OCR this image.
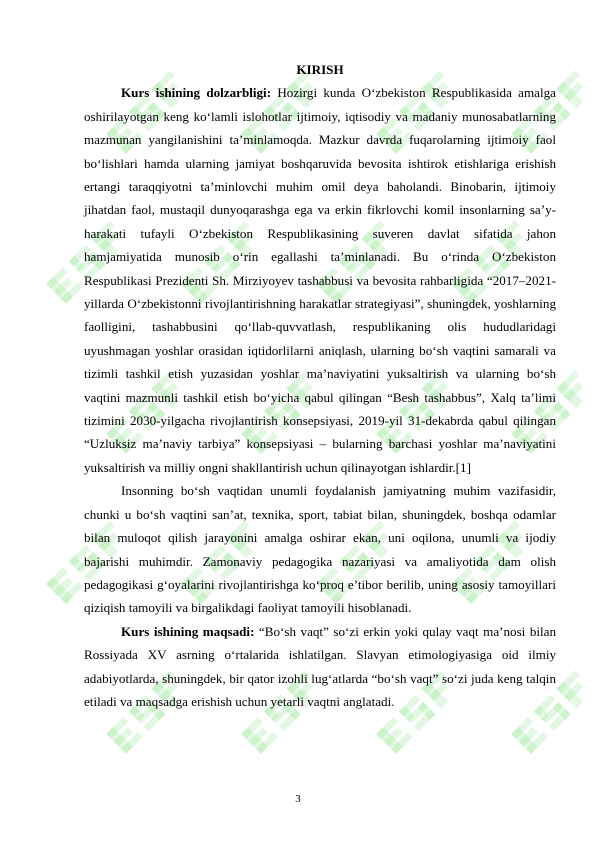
KIRISH

Kurs ishining dolzarbligi: Hozirgi kunda O‘zbekiston Respublikasida amalga oshirilayotgan keng ko‘lamli islohotlar ijtimoiy, iqtisodiy va madaniy munosabatlarning mazmunan yangilanishini ta’minlamoqda. Mazkur davrda fuqarolarning ijtimoiy faol bo‘lishlari hamda ularning jamiyat boshqaruvida bevosita ishtirok etishlariga erishish ertangi taraqqiyotni ta’minlovchi muhim omil deya baholandi. Binobarin, ijtimoiy jihatdan faol, mustaqil dunyoqarashga ega va erkin fikrlovchi komil insonlarning sa’y-harakati tufayli O‘zbekiston Respublikasining suveren davlat sifatida jahon hamjamiyatida munosib o‘rin egallashi ta’minlanadi. Bu o‘rinda O‘zbekiston Respublikasi Prezidenti Sh. Mirziyoyev tashabbusi va bevosita rahbarligida “2017–2021-yillarda O‘zbekistonni rivojlantirishning harakatlar strategiyasi”, shuningdek, yoshlarning faolligini, tashabbusini qo‘llab-quvvatlash, respublikaning olis hududlaridagi uyushmagan yoshlar orasidan iqtidorlilarni aniqlash, ularning bo‘sh vaqtini samarali va tizimli tashkil etish yuzasidan yoshlar ma’naviyatini yuksaltirish va ularning bo‘sh vaqtini mazmunli tashkil etish bo‘yicha qabul qilingan “Besh tashabbus”, Xalq ta’limi tizimini 2030-yilgacha rivojlantirish konsepsiyasi, 2019-yil 31-dekabrda qabul qilingan “Uzluksiz ma’naviy tarbiya” konsepsiyasi – bularning barchasi yoshlar ma’naviyatini yuksaltirish va milliy ongni shakllantirish uchun qilinayotgan ishlardir.[1]

Insonning bo‘sh vaqtidan unumli foydalanish jamiyatning muhim vazifasidir, chunki u bo‘sh vaqtini san’at, texnika, sport, tabiat bilan, shuningdek, boshqa odamlar bilan muloqot qilish jarayonini amalga oshirar ekan, uni oqilona, unumli va ijodiy bajarishi muhimdir. Zamonaviy pedagogika nazariyasi va amaliyotida dam olish pedagogikasi g‘oyalarini rivojlantirishga ko‘proq e’tibor berilib, uning asosiy tamoyillari qiziqish tamoyili va birgalikdagi faoliyat tamoyili hisoblanadi.

Kurs ishining maqsadi: “Bo‘sh vaqt” so‘zi erkin yoki qulay vaqt ma’nosi bilan Rossiyada XV asrning o‘rtalarida ishlatilgan. Slavyan etimologiyasiga oid ilmiy adabiyotlarda, shuningdek, bir qator izohli lug‘atlarda “bo‘sh vaqt” so‘zi juda keng talqin etiladi va maqsadga erishish uchun yetarli vaqtni anglatadi.

3
